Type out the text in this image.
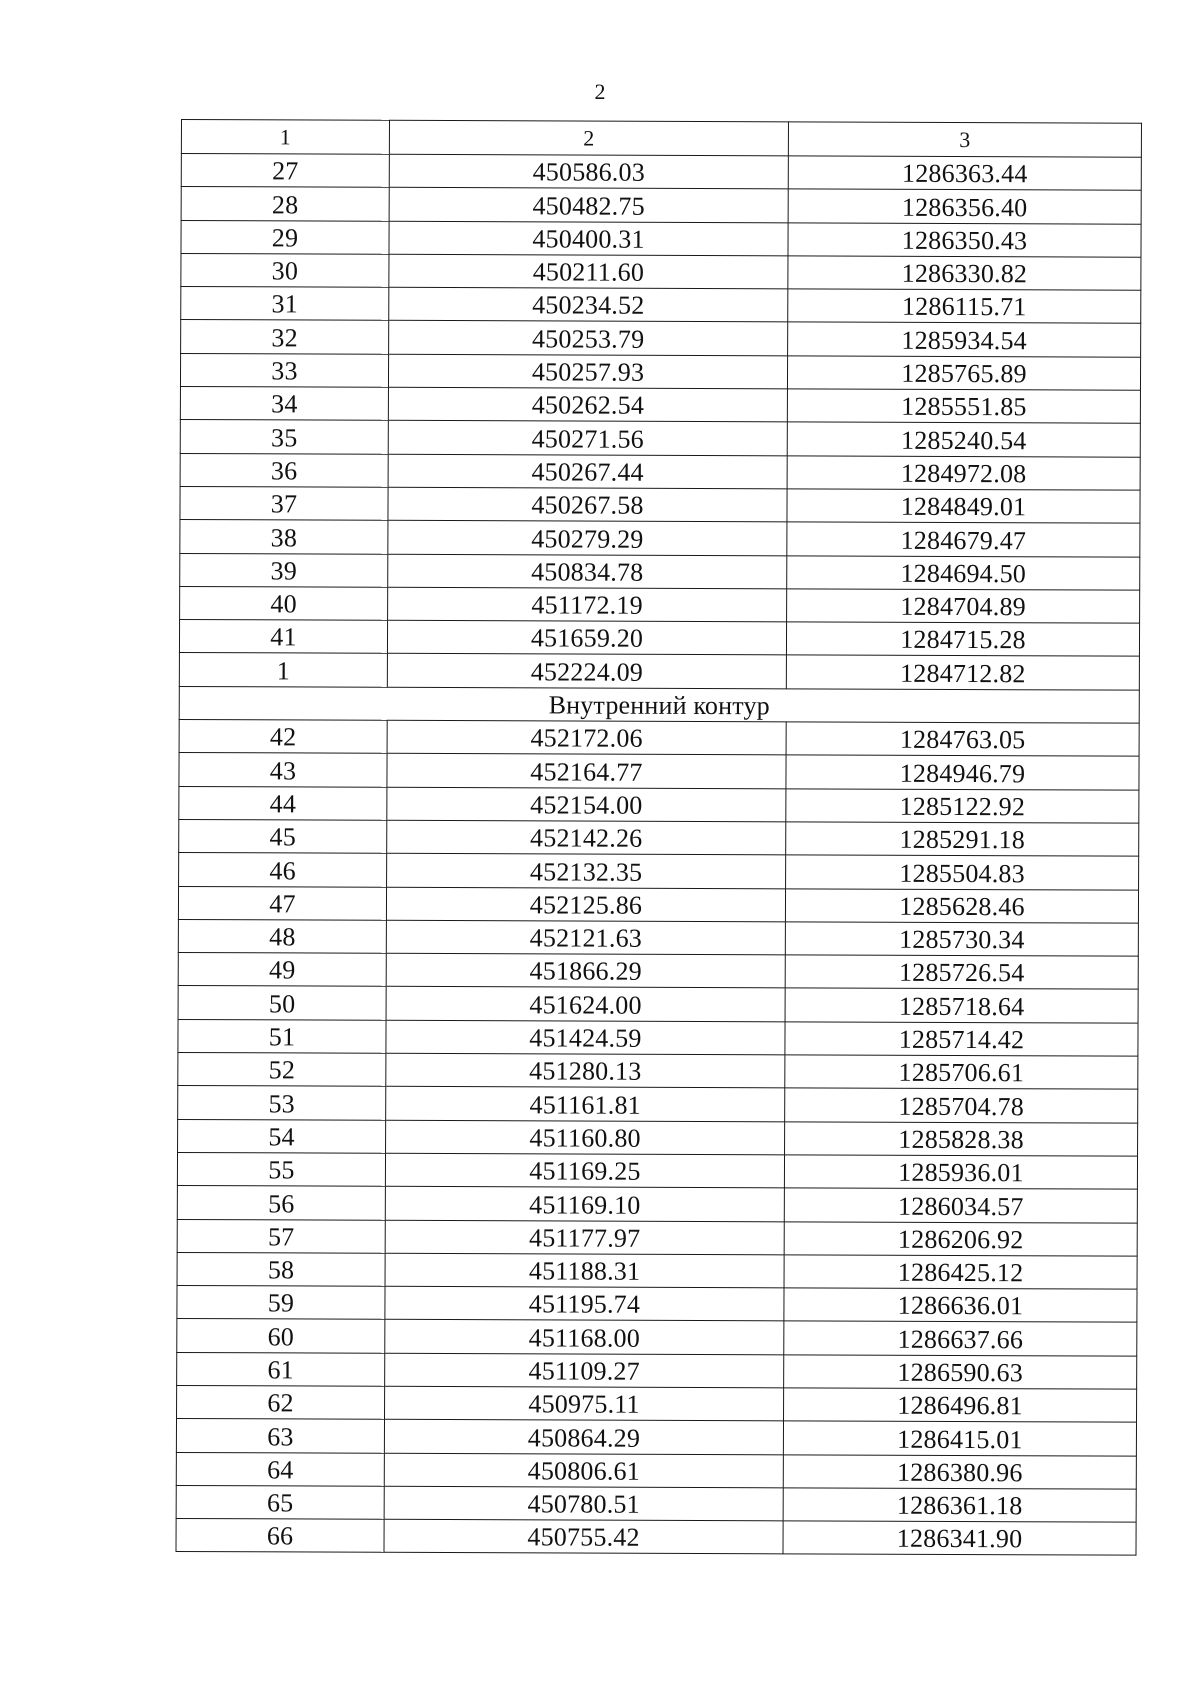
2
1	2	3
27	450586.03	1286363.44
28	450482.75	1286356.40
29	450400.31	1286350.43
30	450211.60	1286330.82
31	450234.52	1286115.71
32	450253.79	1285934.54
33	450257.93	1285765.89
34	450262.54	1285551.85
35	450271.56	1285240.54
36	450267.44	1284972.08
37	450267.58	1284849.01
38	450279.29	1284679.47
39	450834.78	1284694.50
40	451172.19	1284704.89
41	451659.20	1284715.28
1	452224.09	1284712.82
Внутренний контур		
42	452172.06	1284763.05
43	452164.77	1284946.79
44	452154.00	1285122.92
45	452142.26	1285291.18
46	452132.35	1285504.83
47	452125.86	1285628.46
48	452121.63	1285730.34
49	451866.29	1285726.54
50	451624.00	1285718.64
51	451424.59	1285714.42
52	451280.13	1285706.61
53	451161.81	1285704.78
54	451160.80	1285828.38
55	451169.25	1285936.01
56	451169.10	1286034.57
57	451177.97	1286206.92
58	451188.31	1286425.12
59	451195.74	1286636.01
60	451168.00	1286637.66
61	451109.27	1286590.63
62	450975.11	1286496.81
63	450864.29	1286415.01
64	450806.61	1286380.96
65	450780.51	1286361.18
66	450755.42	1286341.90
